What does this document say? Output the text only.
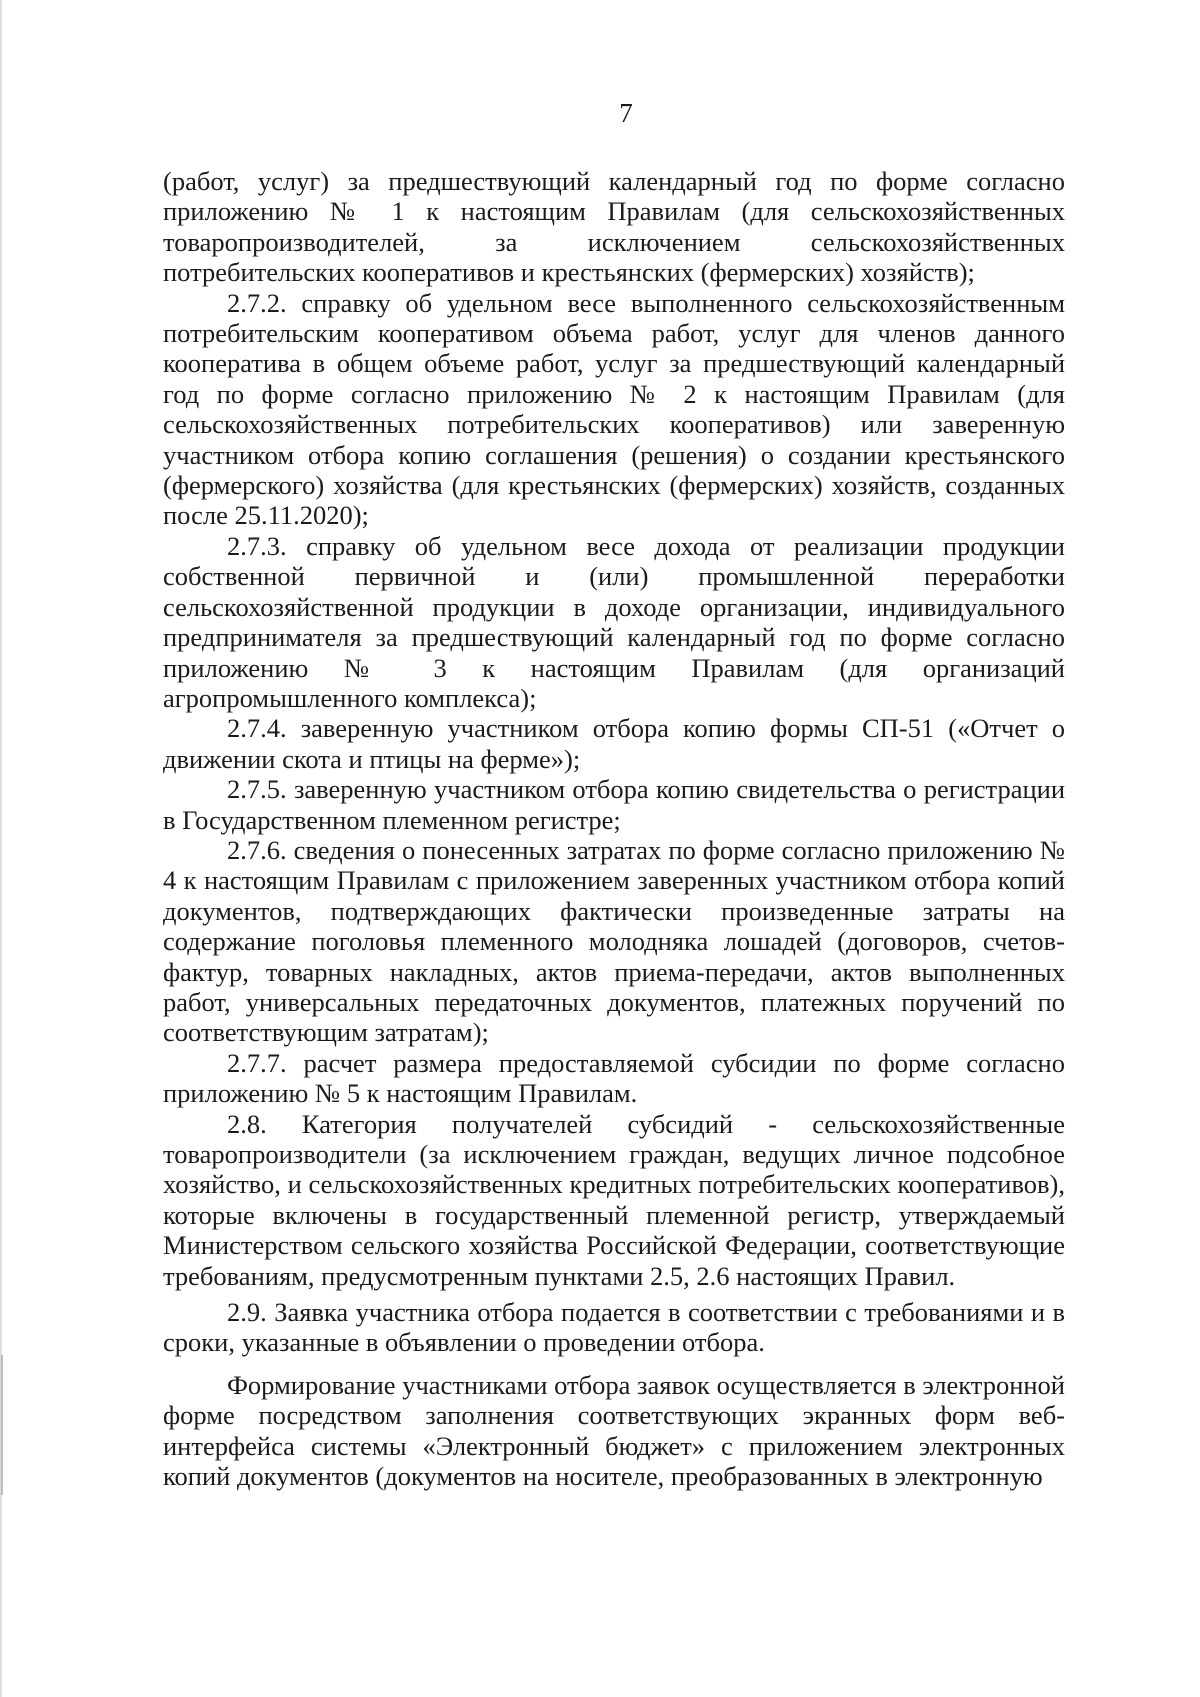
7

(работ, услуг) за предшествующий календарный год по форме согласно приложению № 1 к настоящим Правилам (для сельскохозяйственных товаропроизводителей, за исключением сельскохозяйственных потребительских кооперативов и крестьянских (фермерских) хозяйств);

2.7.2. справку об удельном весе выполненного сельскохозяйственным потребительским кооперативом объема работ, услуг для членов данного кооператива в общем объеме работ, услуг за предшествующий календарный год по форме согласно приложению № 2 к настоящим Правилам (для сельскохозяйственных потребительских кооперативов) или заверенную участником отбора копию соглашения (решения) о создании крестьянского (фермерского) хозяйства (для крестьянских (фермерских) хозяйств, созданных после 25.11.2020);

2.7.3. справку об удельном весе дохода от реализации продукции собственной первичной и (или) промышленной переработки сельскохозяйственной продукции в доходе организации, индивидуального предпринимателя за предшествующий календарный год по форме согласно приложению № 3 к настоящим Правилам (для организаций агропромышленного комплекса);

2.7.4. заверенную участником отбора копию формы СП-51 («Отчет о движении скота и птицы на ферме»);

2.7.5. заверенную участником отбора копию свидетельства о регистрации в Государственном племенном регистре;

2.7.6. сведения о понесенных затратах по форме согласно приложению № 4 к настоящим Правилам с приложением заверенных участником отбора копий документов, подтверждающих фактически произведенные затраты на содержание поголовья племенного молодняка лошадей (договоров, счетов-фактур, товарных накладных, актов приема-передачи, актов выполненных работ, универсальных передаточных документов, платежных поручений по соответствующим затратам);

2.7.7. расчет размера предоставляемой субсидии по форме согласно приложению № 5 к настоящим Правилам.

2.8. Категория получателей субсидий - сельскохозяйственные товаропроизводители (за исключением граждан, ведущих личное подсобное хозяйство, и сельскохозяйственных кредитных потребительских кооперативов), которые включены в государственный племенной регистр, утверждаемый Министерством сельского хозяйства Российской Федерации, соответствующие требованиям, предусмотренным пунктами 2.5, 2.6 настоящих Правил.

2.9. Заявка участника отбора подается в соответствии с требованиями и в сроки, указанные в объявлении о проведении отбора.

Формирование участниками отбора заявок осуществляется в электронной форме посредством заполнения соответствующих экранных форм веб-интерфейса системы «Электронный бюджет» с приложением электронных копий документов (документов на носителе, преобразованных в электронную
